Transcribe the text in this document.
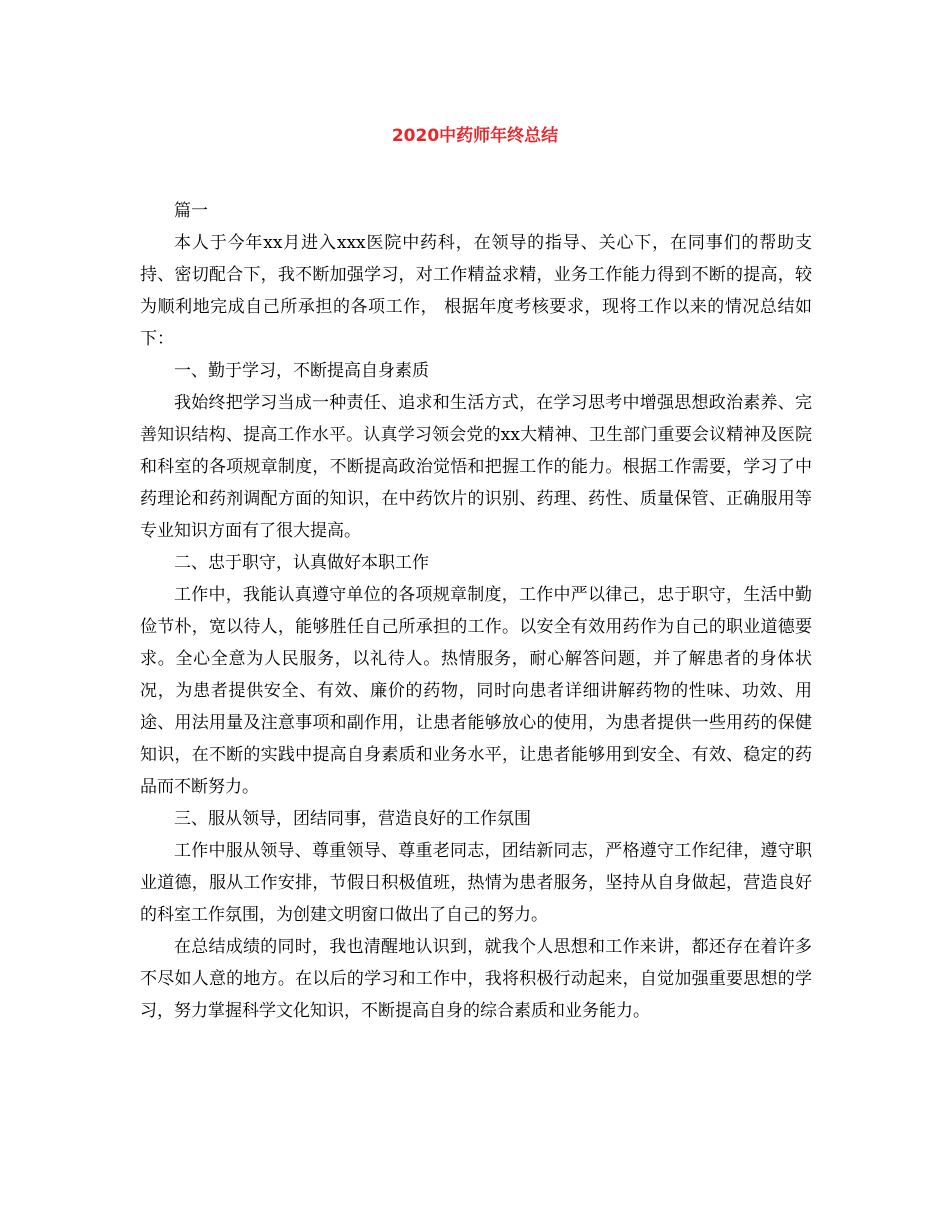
2020中药师年终总结

篇一

本人于今年xx月进入xxx医院中药科，在领导的指导、关心下，在同事们的帮助支持、密切配合下，我不断加强学习，对工作精益求精，业务工作能力得到不断的提高，较为顺利地完成自己所承担的各项工作， 根据年度考核要求，现将工作以来的情况总结如下：

一、勤于学习，不断提高自身素质

我始终把学习当成一种责任、追求和生活方式，在学习思考中增强思想政治素养、完善知识结构、提高工作水平。认真学习领会党的xx大精神、卫生部门重要会议精神及医院和科室的各项规章制度，不断提高政治觉悟和把握工作的能力。根据工作需要，学习了中药理论和药剂调配方面的知识，在中药饮片的识别、药理、药性、质量保管、正确服用等专业知识方面有了很大提高。

二、忠于职守，认真做好本职工作

工作中，我能认真遵守单位的各项规章制度，工作中严以律己，忠于职守，生活中勤俭节朴，宽以待人，能够胜任自己所承担的工作。以安全有效用药作为自己的职业道德要求。全心全意为人民服务，以礼待人。热情服务，耐心解答问题，并了解患者的身体状况，为患者提供安全、有效、廉价的药物，同时向患者详细讲解药物的性味、功效、用途、用法用量及注意事项和副作用，让患者能够放心的使用，为患者提供一些用药的保健知识，在不断的实践中提高自身素质和业务水平，让患者能够用到安全、有效、稳定的药品而不断努力。

三、服从领导，团结同事，营造良好的工作氛围

工作中服从领导、尊重领导、尊重老同志，团结新同志，严格遵守工作纪律，遵守职业道德，服从工作安排，节假日积极值班，热情为患者服务，坚持从自身做起，营造良好的科室工作氛围，为创建文明窗口做出了自己的努力。

在总结成绩的同时，我也清醒地认识到，就我个人思想和工作来讲，都还存在着许多不尽如人意的地方。在以后的学习和工作中，我将积极行动起来，自觉加强重要思想的学习，努力掌握科学文化知识，不断提高自身的综合素质和业务能力。
